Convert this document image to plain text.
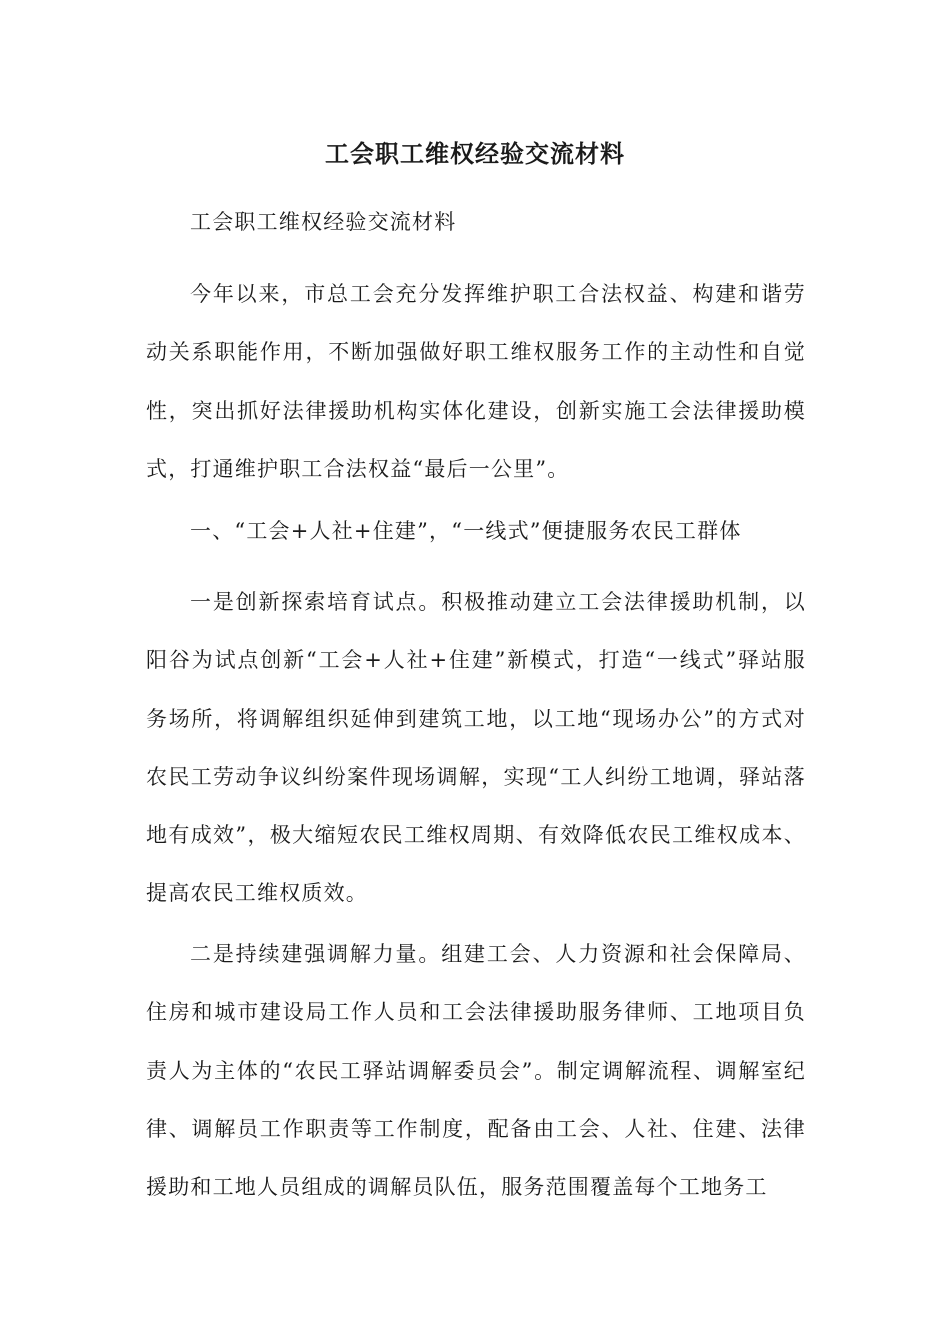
工会职工维权经验交流材料

工会职工维权经验交流材料

今年以来，市总工会充分发挥维护职工合法权益、构建和谐劳动关系职能作用，不断加强做好职工维权服务工作的主动性和自觉性，突出抓好法律援助机构实体化建设，创新实施工会法律援助模式，打通维护职工合法权益“最后一公里”。

一、“工会+人社+住建”，“一线式”便捷服务农民工群体

一是创新探索培育试点。积极推动建立工会法律援助机制，以阳谷为试点创新“工会+人社+住建”新模式，打造“一线式”驿站服务场所，将调解组织延伸到建筑工地，以工地“现场办公”的方式对农民工劳动争议纠纷案件现场调解，实现“工人纠纷工地调，驿站落地有成效”，极大缩短农民工维权周期、有效降低农民工维权成本、提高农民工维权质效。

二是持续建强调解力量。组建工会、人力资源和社会保障局、住房和城市建设局工作人员和工会法律援助服务律师、工地项目负责人为主体的“农民工驿站调解委员会”。制定调解流程、调解室纪律、调解员工作职责等工作制度，配备由工会、人社、住建、法律援助和工地人员组成的调解员队伍，服务范围覆盖每个工地务工
